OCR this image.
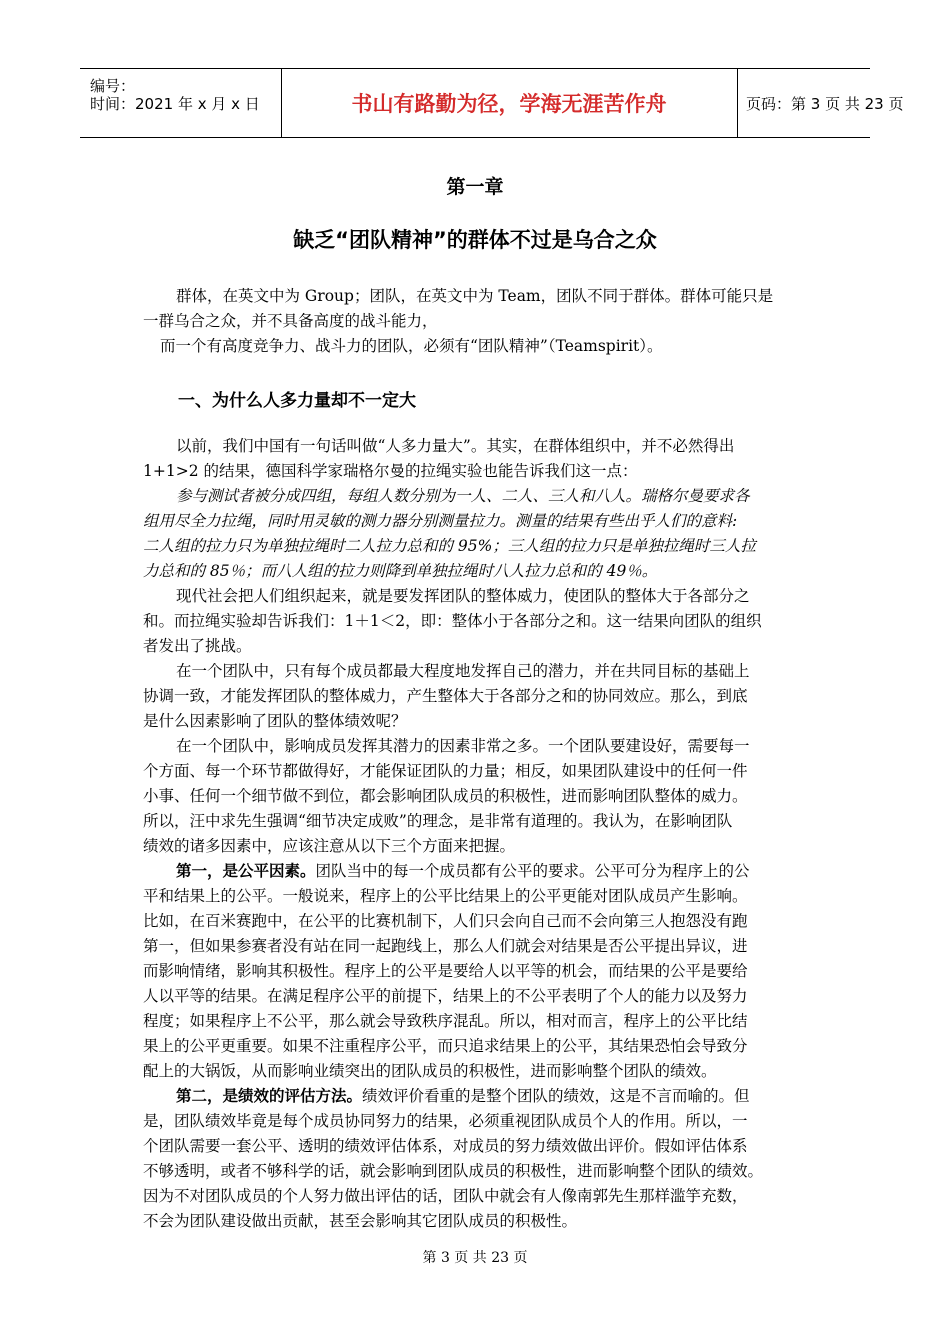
编号：
时间：2021 年 x 月 x 日	书山有路勤为径，学海无涯苦作舟	页码：第 3 页 共 23 页
第一章
缺乏“团队精神”的群体不过是乌合之众
群体，在英文中为 Group；团队，在英文中为 Team，团队不同于群体。群体可能只是
一群乌合之众，并不具备高度的战斗能力，
而一个有高度竞争力、战斗力的团队，必须有“团队精神”（Teamspirit）。
一、为什么人多力量却不一定大
以前，我们中国有一句话叫做“人多力量大”。其实，在群体组织中，并不必然得出
1+1>2 的结果，德国科学家瑞格尔曼的拉绳实验也能告诉我们这一点：
参与测试者被分成四组，每组人数分别为一人、二人、三人和八人。瑞格尔曼要求各
组用尽全力拉绳，同时用灵敏的测力器分别测量拉力。测量的结果有些出乎人们的意料:
二人组的拉力只为单独拉绳时二人拉力总和的 95%；三人组的拉力只是单独拉绳时三人拉
力总和的 85％；而八人组的拉力则降到单独拉绳时八人拉力总和的 49％。
现代社会把人们组织起来，就是要发挥团队的整体威力，使团队的整体大于各部分之
和。而拉绳实验却告诉我们：1＋1＜2，即：整体小于各部分之和。这一结果向团队的组织
者发出了挑战。
在一个团队中，只有每个成员都最大程度地发挥自己的潜力，并在共同目标的基础上
协调一致，才能发挥团队的整体威力，产生整体大于各部分之和的协同效应。那么，到底
是什么因素影响了团队的整体绩效呢？
在一个团队中，影响成员发挥其潜力的因素非常之多。一个团队要建设好，需要每一
个方面、每一个环节都做得好，才能保证团队的力量；相反，如果团队建设中的任何一件
小事、任何一个细节做不到位，都会影响团队成员的积极性，进而影响团队整体的威力。
所以，汪中求先生强调“细节决定成败”的理念，是非常有道理的。我认为，在影响团队
绩效的诸多因素中，应该注意从以下三个方面来把握。
第一，是公平因素。团队当中的每一个成员都有公平的要求。公平可分为程序上的公
平和结果上的公平。一般说来，程序上的公平比结果上的公平更能对团队成员产生影响。
比如，在百米赛跑中，在公平的比赛机制下，人们只会向自己而不会向第三人抱怨没有跑
第一，但如果参赛者没有站在同一起跑线上，那么人们就会对结果是否公平提出异议，进
而影响情绪，影响其积极性。程序上的公平是要给人以平等的机会，而结果的公平是要给
人以平等的结果。在满足程序公平的前提下，结果上的不公平表明了个人的能力以及努力
程度；如果程序上不公平，那么就会导致秩序混乱。所以，相对而言，程序上的公平比结
果上的公平更重要。如果不注重程序公平，而只追求结果上的公平，其结果恐怕会导致分
配上的大锅饭，从而影响业绩突出的团队成员的积极性，进而影响整个团队的绩效。
第二，是绩效的评估方法。绩效评价看重的是整个团队的绩效，这是不言而喻的。但
是，团队绩效毕竟是每个成员协同努力的结果，必须重视团队成员个人的作用。所以，一
个团队需要一套公平、透明的绩效评估体系，对成员的努力绩效做出评价。假如评估体系
不够透明，或者不够科学的话，就会影响到团队成员的积极性，进而影响整个团队的绩效。
因为不对团队成员的个人努力做出评估的话，团队中就会有人像南郭先生那样滥竽充数，
不会为团队建设做出贡献，甚至会影响其它团队成员的积极性。
第 3 页 共 23 页
